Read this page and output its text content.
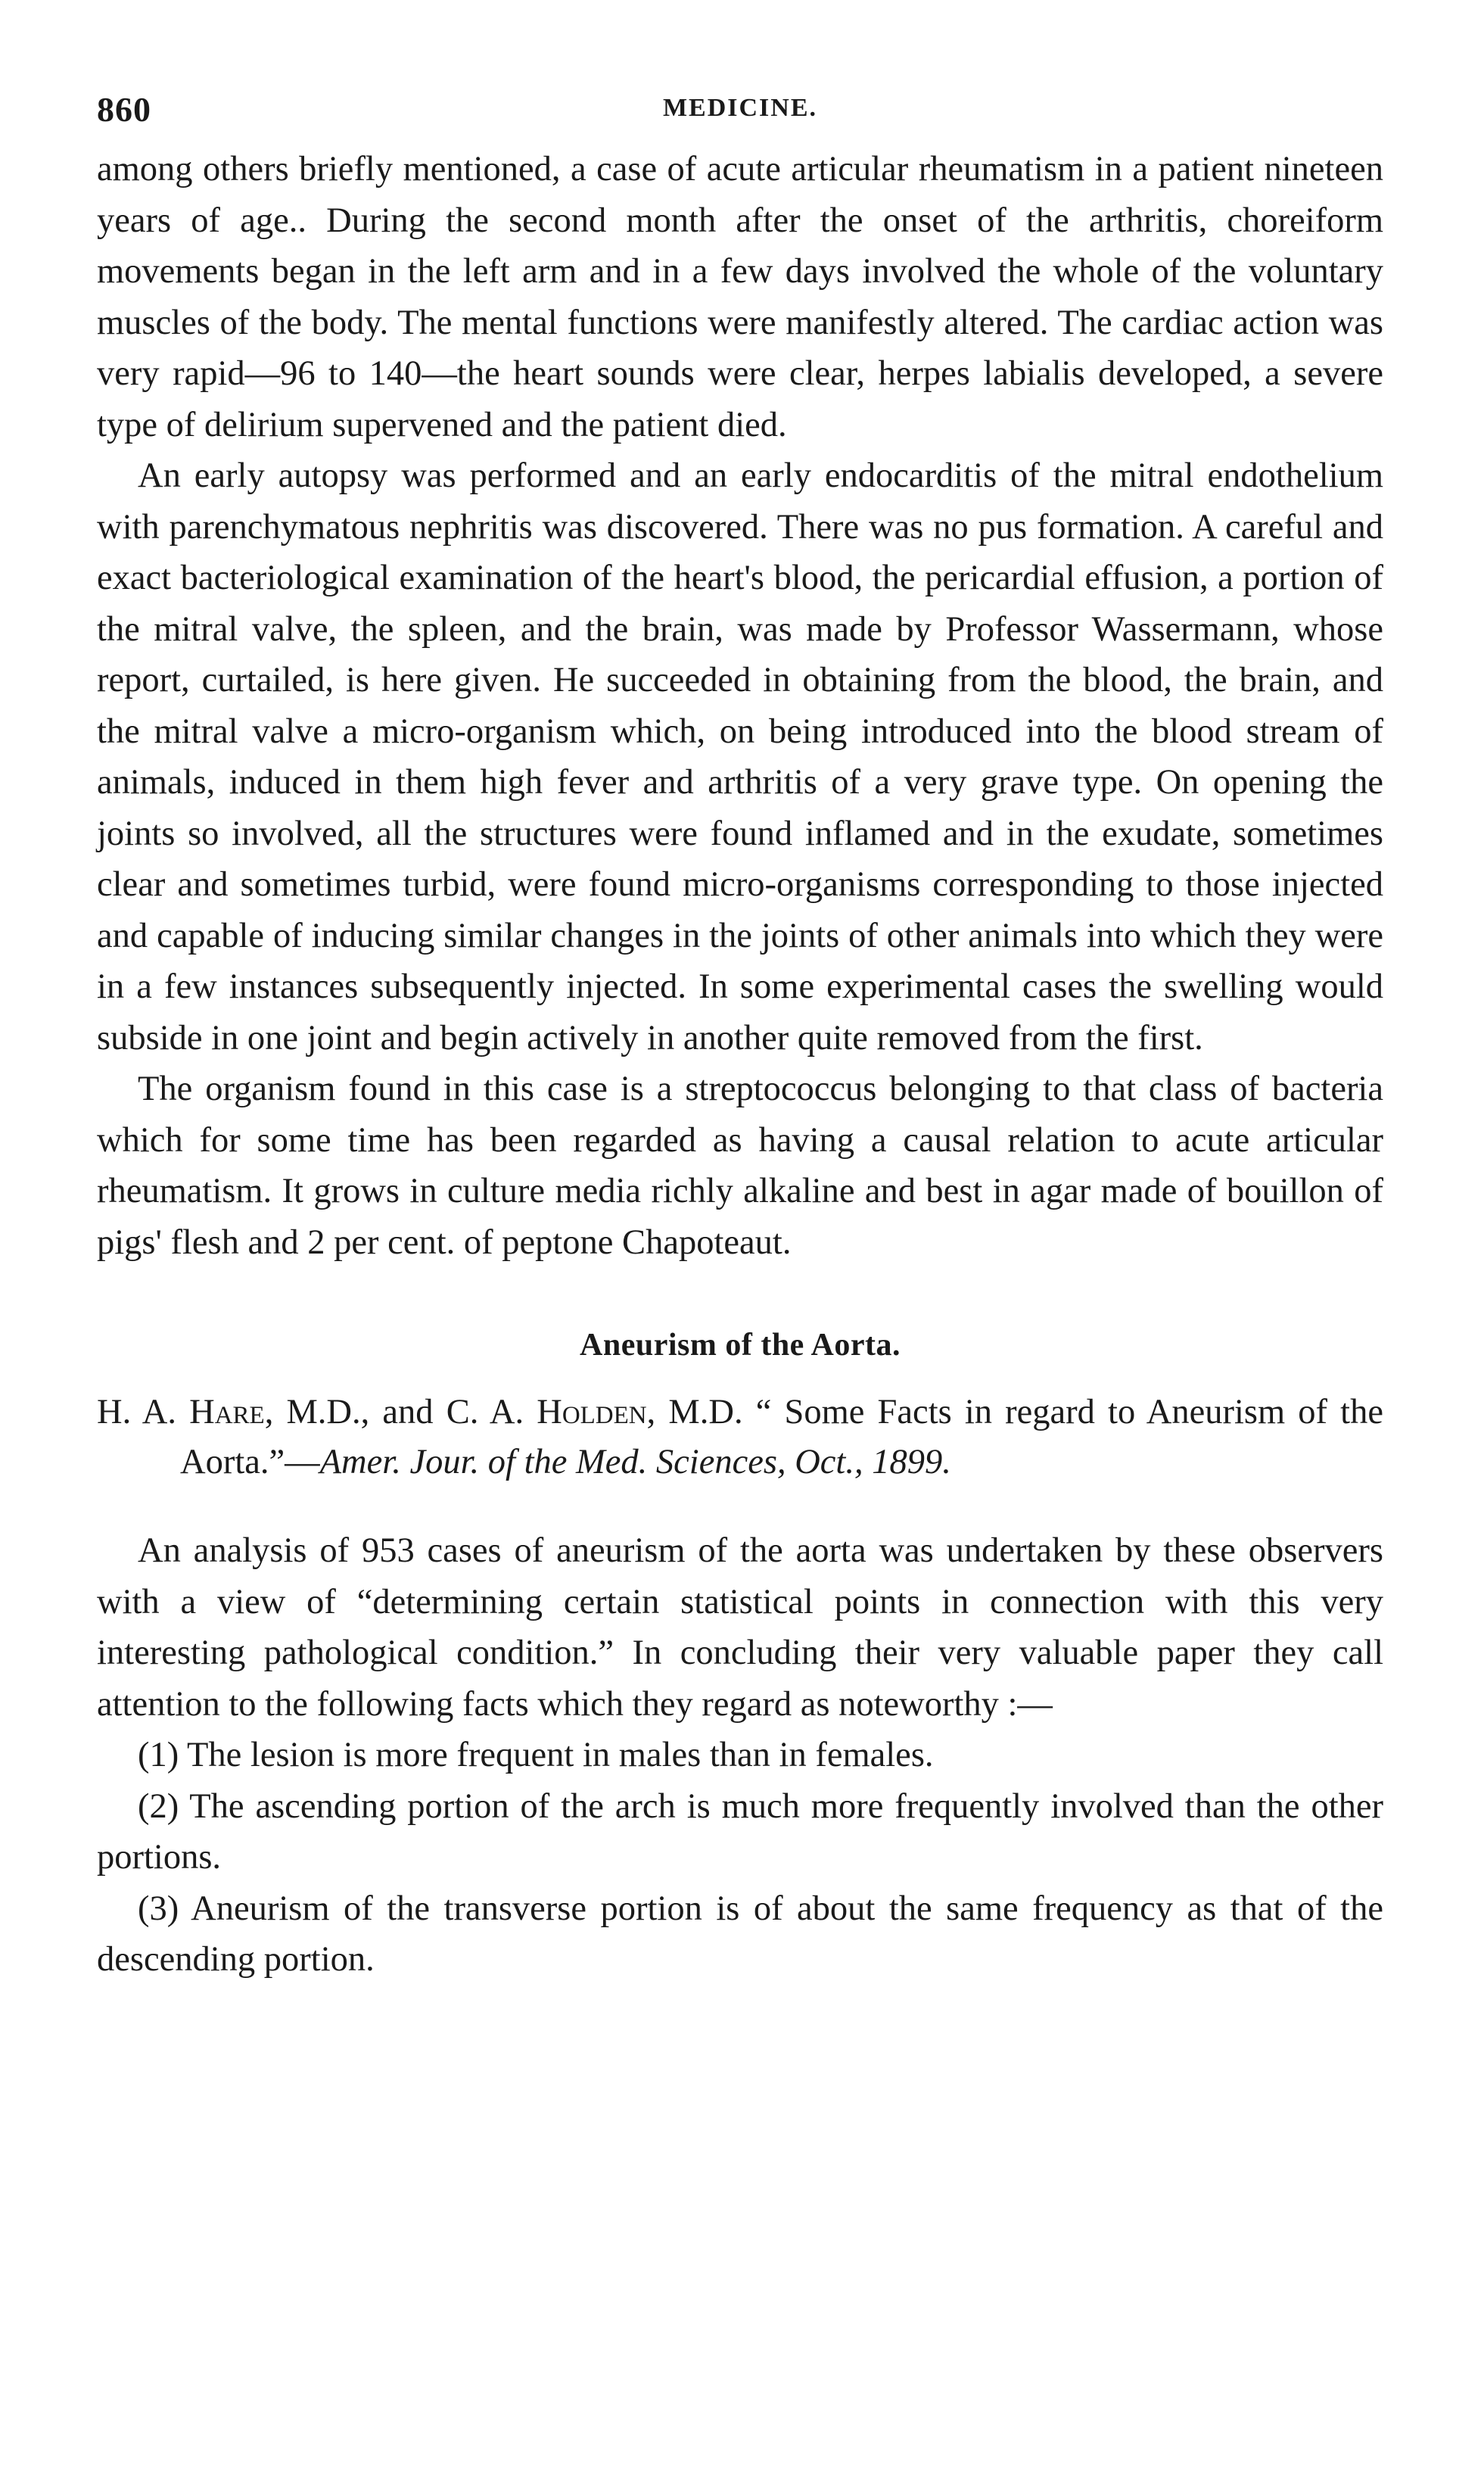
860	MEDICINE.

among others briefly mentioned, a case of acute articular rheumatism in a patient nineteen years of age.. During the second month after the onset of the arthritis, choreiform movements began in the left arm and in a few days involved the whole of the voluntary muscles of the body. The mental functions were manifestly altered. The cardiac action was very rapid—96 to 140—the heart sounds were clear, herpes labialis developed, a severe type of delirium supervened and the patient died.

An early autopsy was performed and an early endocarditis of the mitral endothelium with parenchymatous nephritis was discovered. There was no pus formation. A careful and exact bacteriological examination of the heart's blood, the pericardial effusion, a portion of the mitral valve, the spleen, and the brain, was made by Professor Wassermann, whose report, curtailed, is here given. He succeeded in obtaining from the blood, the brain, and the mitral valve a micro-organism which, on being introduced into the blood stream of animals, induced in them high fever and arthritis of a very grave type. On opening the joints so involved, all the structures were found inflamed and in the exudate, sometimes clear and sometimes turbid, were found micro-organisms corresponding to those injected and capable of inducing similar changes in the joints of other animals into which they were in a few instances subsequently injected. In some experimental cases the swelling would subside in one joint and begin actively in another quite removed from the first.

The organism found in this case is a streptococcus belonging to that class of bacteria which for some time has been regarded as having a causal relation to acute articular rheumatism. It grows in culture media richly alkaline and best in agar made of bouillon of pigs' flesh and 2 per cent. of peptone Chapoteaut.

Aneurism of the Aorta.

H. A. Hare, M.D., and C. A. Holden, M.D. “ Some Facts in regard to Aneurism of the Aorta.”—Amer. Jour. of the Med. Sciences, Oct., 1899.

An analysis of 953 cases of aneurism of the aorta was undertaken by these observers with a view of “determining certain statistical points in connection with this very interesting pathological condition.” In concluding their very valuable paper they call attention to the following facts which they regard as noteworthy :—

(1) The lesion is more frequent in males than in females.

(2) The ascending portion of the arch is much more frequently involved than the other portions.

(3) Aneurism of the transverse portion is of about the same frequency as that of the descending portion.
